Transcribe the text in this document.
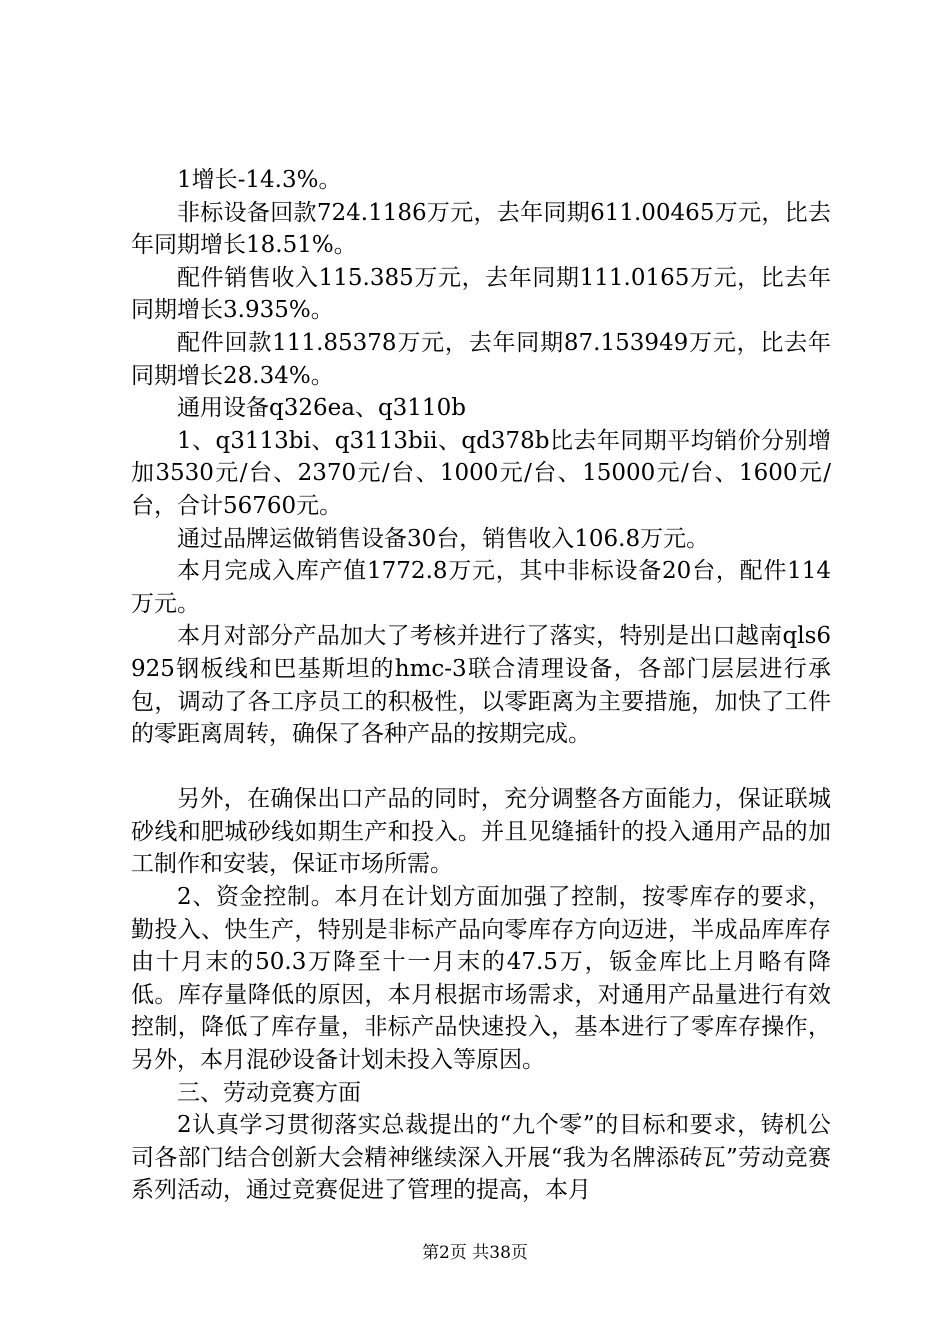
1增长-14.3%。

非标设备回款724.1186万元，去年同期611.00465万元，比去年同期增长18.51%。

配件销售收入115.385万元，去年同期111.0165万元，比去年同期增长3.935%。

配件回款111.85378万元，去年同期87.153949万元，比去年同期增长28.34%。

通用设备q326ea、q3110b

1、q3113bi、q3113bii、qd378b比去年同期平均销价分别增加3530元/台、2370元/台、1000元/台、15000元/台、1600元/台，合计56760元。

通过品牌运做销售设备30台，销售收入106.8万元。

本月完成入库产值1772.8万元，其中非标设备20台，配件114万元。

本月对部分产品加大了考核并进行了落实，特别是出口越南qls6925钢板线和巴基斯坦的hmc-3联合清理设备，各部门层层进行承包，调动了各工序员工的积极性，以零距离为主要措施，加快了工件的零距离周转，确保了各种产品的按期完成。

另外，在确保出口产品的同时，充分调整各方面能力，保证联城砂线和肥城砂线如期生产和投入。并且见缝插针的投入通用产品的加工制作和安装，保证市场所需。

2、资金控制。本月在计划方面加强了控制，按零库存的要求，勤投入、快生产，特别是非标产品向零库存方向迈进，半成品库库存由十月末的50.3万降至十一月末的47.5万，钣金库比上月略有降低。库存量降低的原因，本月根据市场需求，对通用产品量进行有效控制，降低了库存量，非标产品快速投入，基本进行了零库存操作，另外，本月混砂设备计划未投入等原因。

三、劳动竞赛方面

2认真学习贯彻落实总裁提出的“九个零”的目标和要求，铸机公司各部门结合创新大会精神继续深入开展“我为名牌添砖瓦”劳动竞赛系列活动，通过竞赛促进了管理的提高，本月

第2页 共38页
